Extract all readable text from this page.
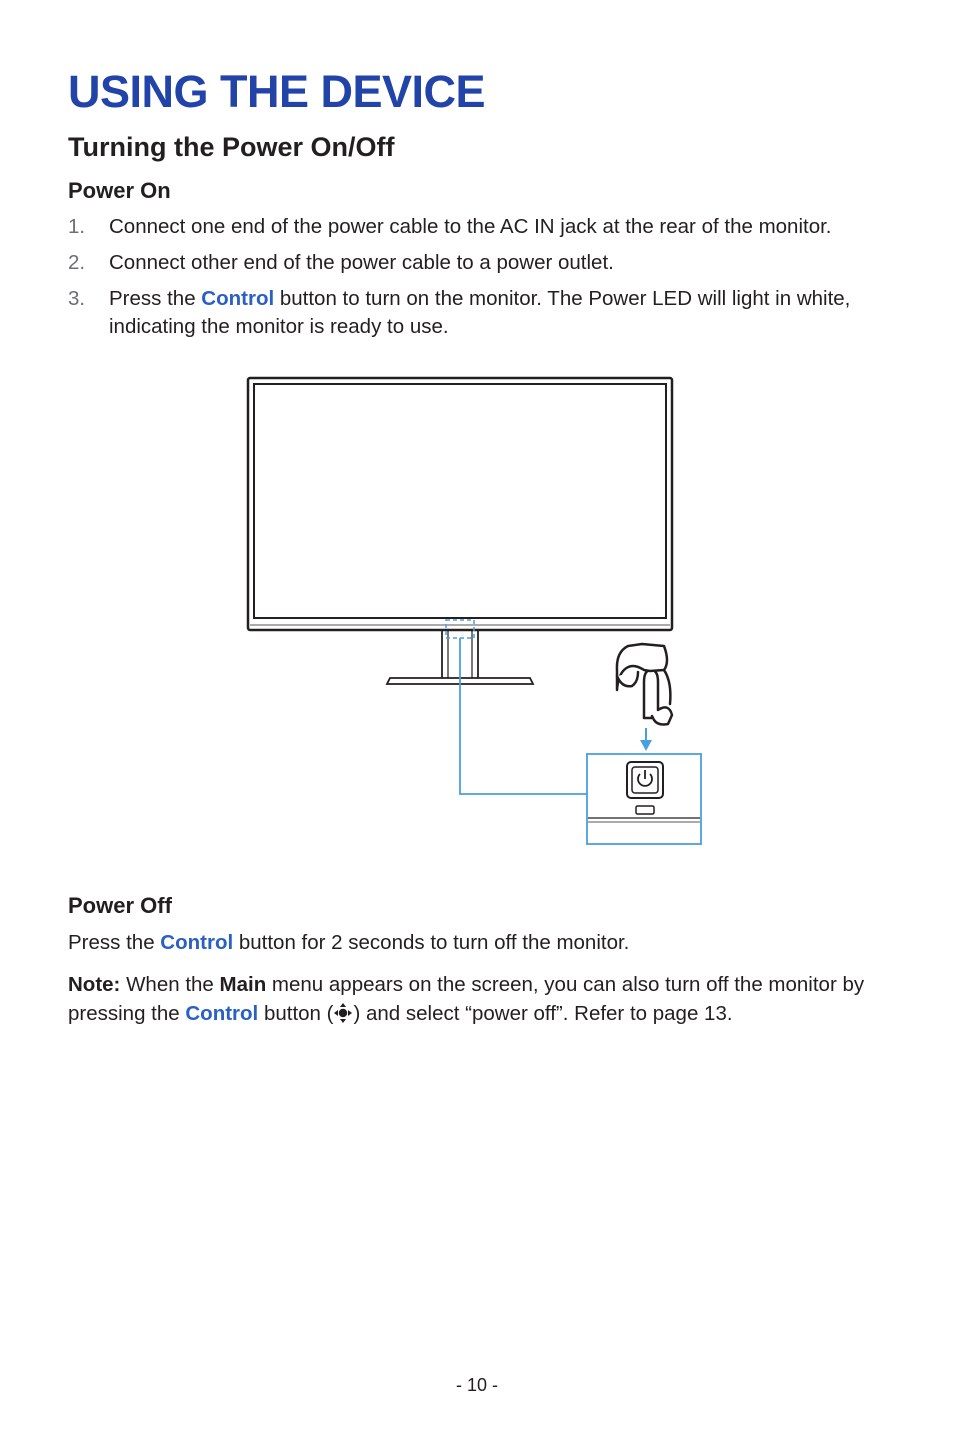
USING THE DEVICE
Turning the Power On/Off
Power On
1.	Connect one end of the power cable to the AC IN jack at the rear of the monitor.
2.	Connect other end of the power cable to a power outlet.
3.	Press the Control button to turn on the monitor. The Power LED will light in white, indicating the monitor is ready to use.
Power Off

Press the Control button for 2 seconds to turn off the monitor.

Note: When the Main menu appears on the screen, you can also turn off the monitor by pressing the Control button ( ) and select “power off”. Refer to page 13.

- 10 -
